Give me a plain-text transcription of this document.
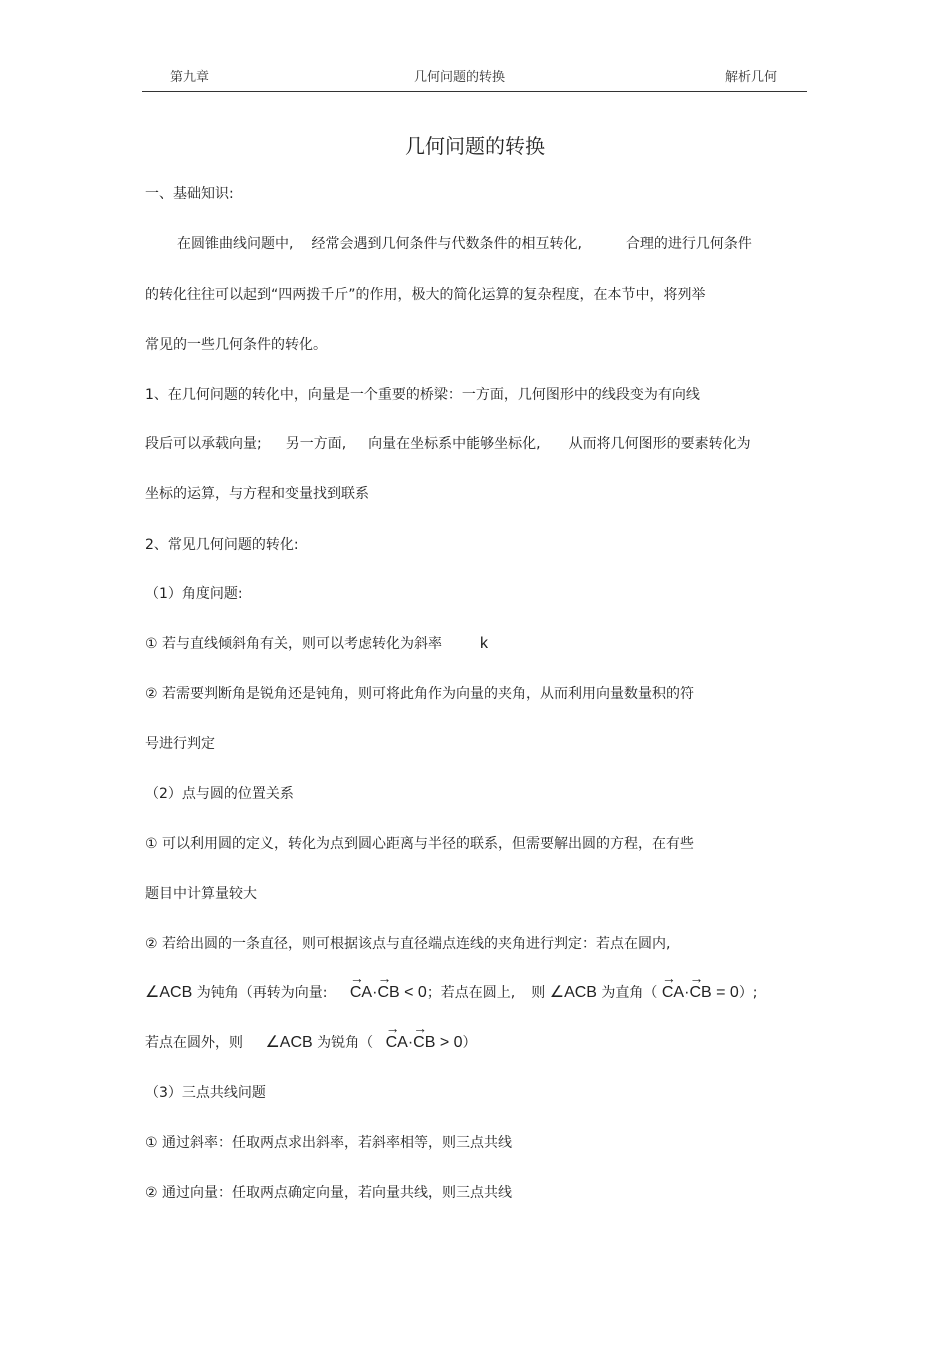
第九章	几何问题的转换	解析几何
几何问题的转换
一、基础知识:
在圆锥曲线问题中, 经常会遇到几何条件与代数条件的相互转化,	合理的进行几何条件
的转化往往可以起到“四两拨千斤”的作用，极大的简化运算的复杂程度，在本节中，将列举
常见的一些几何条件的转化。
1、在几何问题的转化中，向量是一个重要的桥梁：一方面，几何图形中的线段变为有向线
段后可以承载向量; 另一方面, 向量在坐标系中能够坐标化, 从而将几何图形的要素转化为
坐标的运算，与方程和变量找到联系
2、常见几何问题的转化:
（1）角度问题:
① 若与直线倾斜角有关，则可以考虑转化为斜率 k
② 若需要判断角是锐角还是钝角，则可将此角作为向量的夹角，从而利用向量数量积的符
号进行判定
（2）点与圆的位置关系
① 可以利用圆的定义，转化为点到圆心距离与半径的联系，但需要解出圆的方程，在有些
题目中计算量较大
② 若给出圆的一条直径，则可根据该点与直径端点连线的夹角进行判定：若点在圆内,
∠ACB 为钝角（再转为向量:
→
CA·
→
CB < 0；若点在圆上, 则 ∠ACB 为直角（
→
CA·
→
CB = 0）;
若点在圆外，则 ∠ACB 为锐角（
→
CA·
→
CB > 0）
（3）三点共线问题
① 通过斜率：任取两点求出斜率，若斜率相等，则三点共线
② 通过向量：任取两点确定向量，若向量共线，则三点共线
